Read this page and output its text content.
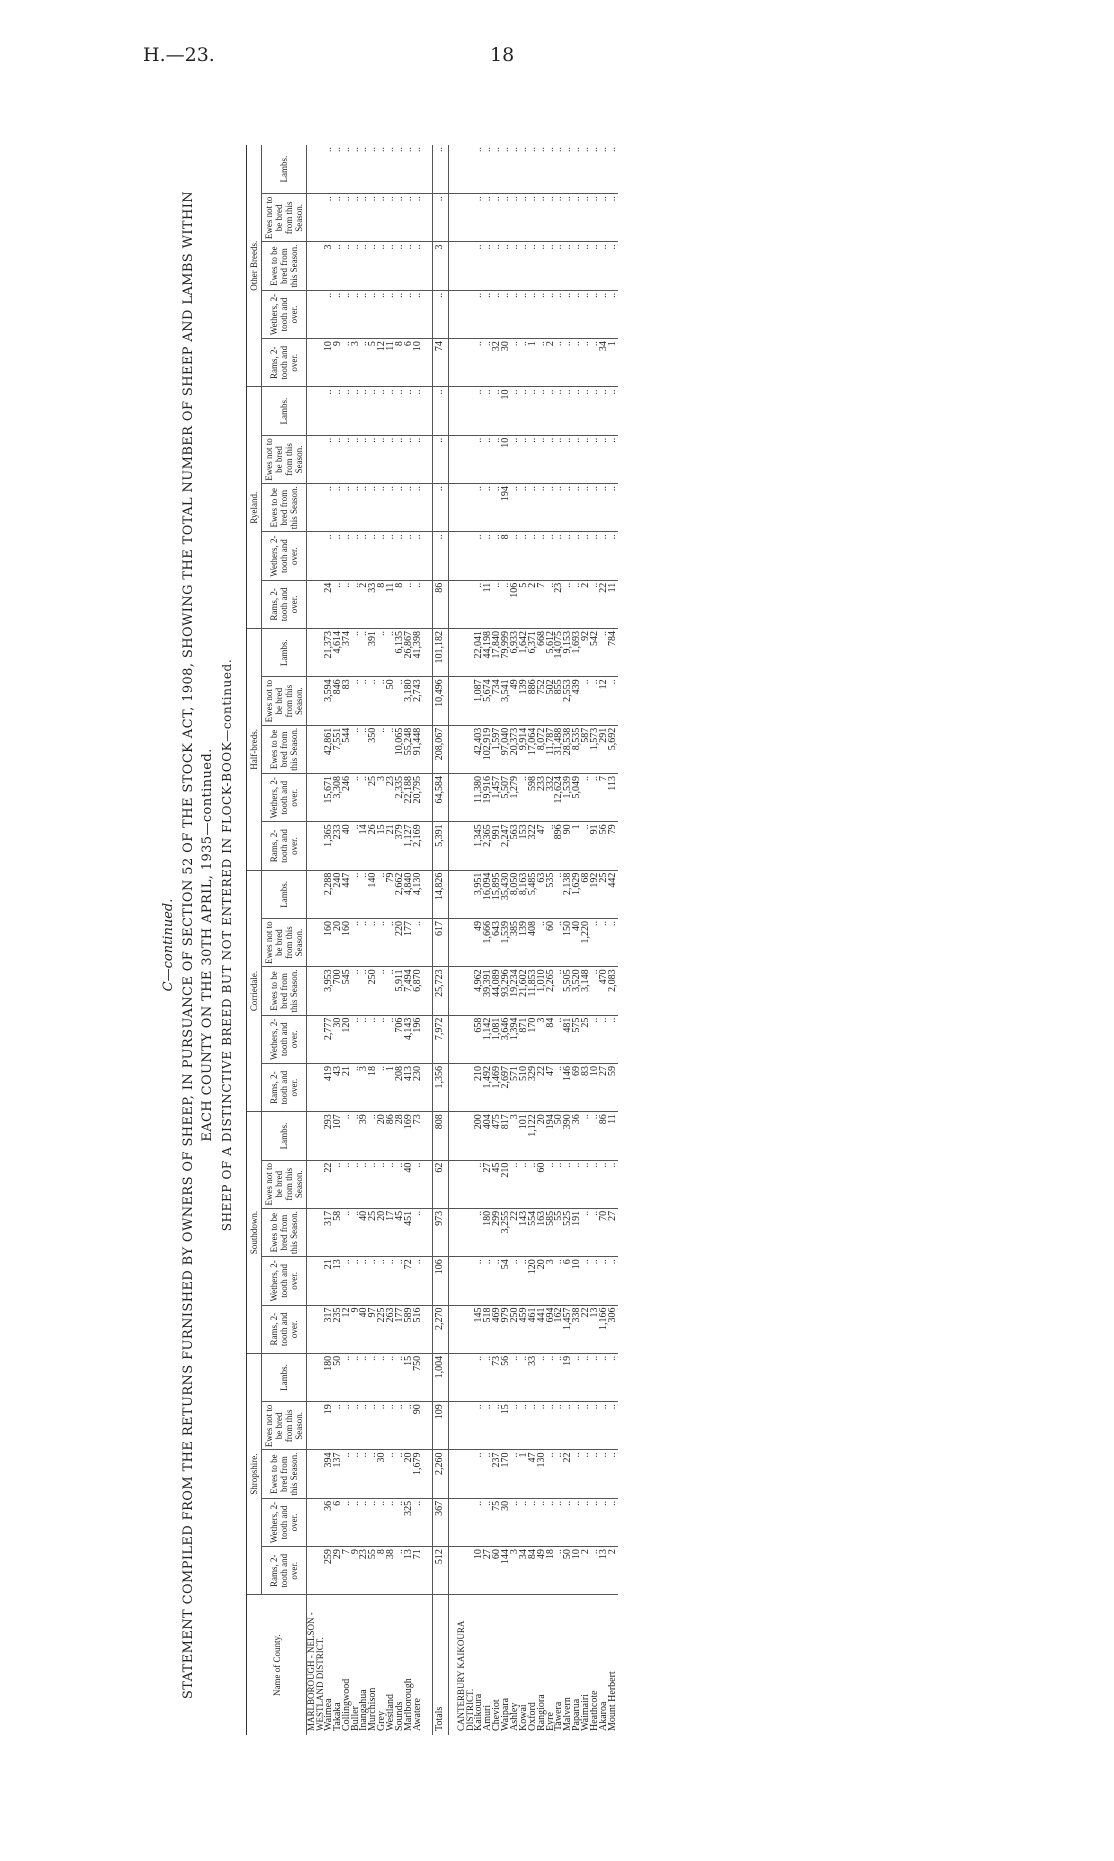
H.—23.	18
C—continued. STATEMENT COMPILED FROM THE RETURNS FURNISHED BY OWNERS OF SHEEP, IN PURSUANCE OF SECTION 52 OF THE STOCK ACT, 1908, SHOWING THE TOTAL NUMBER OF SHEEP AND LAMBS WITHIN EACH COUNTY ON THE 30TH APRIL, 1935—continued. SHEEP OF A DISTINCTIVE BREED BUT NOT ENTERED IN FLOCK-BOOK—continued.
Name of County.	Shropshire.					Southdown.					Corriedale.					Half-breds.					Ryeland.					Other Breeds.				
	Rams, 2-tooth and over.	Wethers, 2-tooth and over.	Ewes to be bred from this Season.	Ewes not to be bred from this Season.	Lambs.	Rams, 2-tooth and over.	Wethers, 2-tooth and over.	Ewes to be bred from this Season.	Ewes not to be bred from this Season.	Lambs.	Rams, 2-tooth and over.	Wethers, 2-tooth and over.	Ewes to be bred from this Season.	Ewes not to be bred from this Season.	Lambs.	Rams, 2-tooth and over.	Wethers, 2-tooth and over.	Ewes to be bred from this Season.	Ewes not to be bred from this Season.	Lambs.	Rams, 2-tooth and over.	Wethers, 2-tooth and over.	Ewes to be bred from this Season.	Ewes not to be bred from this Season.	Lambs.	Rams, 2-tooth and over.	Wethers, 2-tooth and over.	Ewes to be bred from this Season.	Ewes not to be bred from this Season.	Lambs.
MARLBOROUGH - NELSON - WESTLAND DISTRICT.																														
Waimea	259	36	394	19	180	317	21	317	22	293	419	2,777	3,953	160	2,288	1,365	15,671	42,861	3,594	21,373	24	..	..	..	..	10	..	3	..	..
Takaka	29	6	137	..	50	235	13	58	..	107	43	30	700	20	240	233	3,308	7,551	846	4,614	..	..	..	..	..	9	..	..	..	..
Collingwood	7	..	..	..	..	12	..	..	..	..	21	120	545	160	447	40	246	544	83	374	..	..	..	..	..	..	..	..	..	..
Buller	9	..	..	..	..	9	..	..	..	..	..	..	..	..	..	..	..	..	..	..	..	..	..	..	..	3	..	..	..	..
Inangahua	23	..	..	..	..	40	..	40	..	39	3	..	..	..	..	14	..	..	..	..	2	..	..	..	..	..	..	..	..	..
Murchison	55	..	..	..	..	97	..	25	..	..	18	..	250	..	140	26	25	350	..	391	33	..	..	..	..	5	..	..	..	..
Grey	8	..	30	..	..	225	..	20	..	20	..	..	..	..	..	15	3	..	..	..	8	..	..	..	..	12	..	..	..	..
Westland	38	..	..	..	..	263	..	17	..	86	1	..	..	..	79	21	23	..	50	..	11	..	..	..	..	11	..	..	..	..
Sounds	..	..	..	..	..	177	..	45	..	28	208	706	5,911	220	2,662	379	2,335	10,065	..	6,135	8	..	..	..	..	8	..	..	..	..
Marlborough	13	325	20	..	15	589	72	451	40	169	413	4,143	7,494	177	4,840	1,127	22,188	55,248	3,180	26,867	..	..	..	..	..	6	..	..	..	..
Awatere	71	..	1,679	90	750	516	..	..	..	73	230	196	6,870	..	4,130	2,169	20,795	91,448	2,743	41,398	..	..	..	..	..	10	..	..	..	..

Totals	512	367	2,260	109	1,004	2,270	106	973	62	808	1,356	7,972	25,723	617	14,826	5,391	64,584	208,067	10,496	101,182	86	..	..	..	..	74	..	3	..	..

CANTERBURY KAIKOURA DISTRICT.																														
Kaikoura	10	..	..	..	..	145	..	..	..	200	210	658	4,962	49	3,951	1,345	11,380	42,403	1,087	22,041	..	..	..	..	..	..	..	..	..	..
Amuri	27	..	..	..	..	518	..	180	27	404	1,492	1,142	39,391	1,666	16,094	2,365	19,916	102,919	5,674	44,198	11	..	..	..	..	..	..	..	..	..
Cheviot	60	75	237	..	73	469	..	299	45	475	1,469	1,081	44,089	643	15,895	991	1,457	1,597	734	17,840	..	..	..	..	..	32	..	..	..	..
Waipara	144	30	170	15	56	979	54	3,255	210	817	2,697	3,646	93,296	1,539	35,430	2,247	5,507	97,040	3,541	79,999	..	8	194	10	10	30	..	..	..	..
Ashley	3	..	..	..	..	250	..	22	..	3	571	1,394	19,234	385	8,050	563	1,279	20,373	49	6,933	106	..	..	..	..	..	..	..	..	..
Kowai	34	..	1	..	..	459	..	143	..	101	510	871	21,602	139	8,163	153	..	9,914	139	1,642	5	..	..	..	..	..	..	..	..	..
Oxford	84	..	47	..	33	461	120	554	..	1,122	329	170	11,853	408	5,485	322	598	17,064	886	6,371	2	..	..	..	..	1	..	..	..	..
Rangiora	49	..	130	..	..	441	20	163	60	20	22	3	1,010	..	63	47	233	8,072	752	668	7	..	..	..	..	..	..	..	..	..
Eyre	18	..	..	..	..	694	3	585	..	194	47	84	2,265	60	535	..	332	11,787	502	5,612	..	..	..	..	..	2	..	..	..	..
Tawera	..	..	..	..	..	162	..	55	..	50	..	..	..	..	..	896	12,624	31,488	855	14,075	23	..	..	..	..	..	..	..	..	..
Malvern	50	..	22	..	19	1,457	6	525	..	390	146	481	5,505	150	2,138	90	1,539	28,538	2,553	9,153	..	..	..	..	..	..	..	..	..	..
Paparua	10	..	..	..	..	338	10	191	..	36	69	575	3,520	40	1,629	1	5,049	8,535	439	1,693	..	..	..	..	..	..	..	..	..	..
Waimairi	2	..	..	..	..	22	..	..	..	..	83	25	3,148	1,220	68	..	..	587	..	92	2	..	..	..	..	..	..	..	..	..
Heathcote	..	..	..	..	..	13	..	..	..	..	10	..	..	..	192	91	..	1,573	..	542	..	..	..	..	..	..	..	..	..	..
Akaroa	13	..	..	..	..	1,166	..	70	..	86	27	..	470	..	25	56	7	291	12	..	22	..	..	..	..	34	..	..	..	..
Mount Herbert	2	..	..	..	..	306	..	27	..	11	59	..	2,083	..	442	79	113	5,692	..	784	11	..	..	..	..	1	..	..	..	..
